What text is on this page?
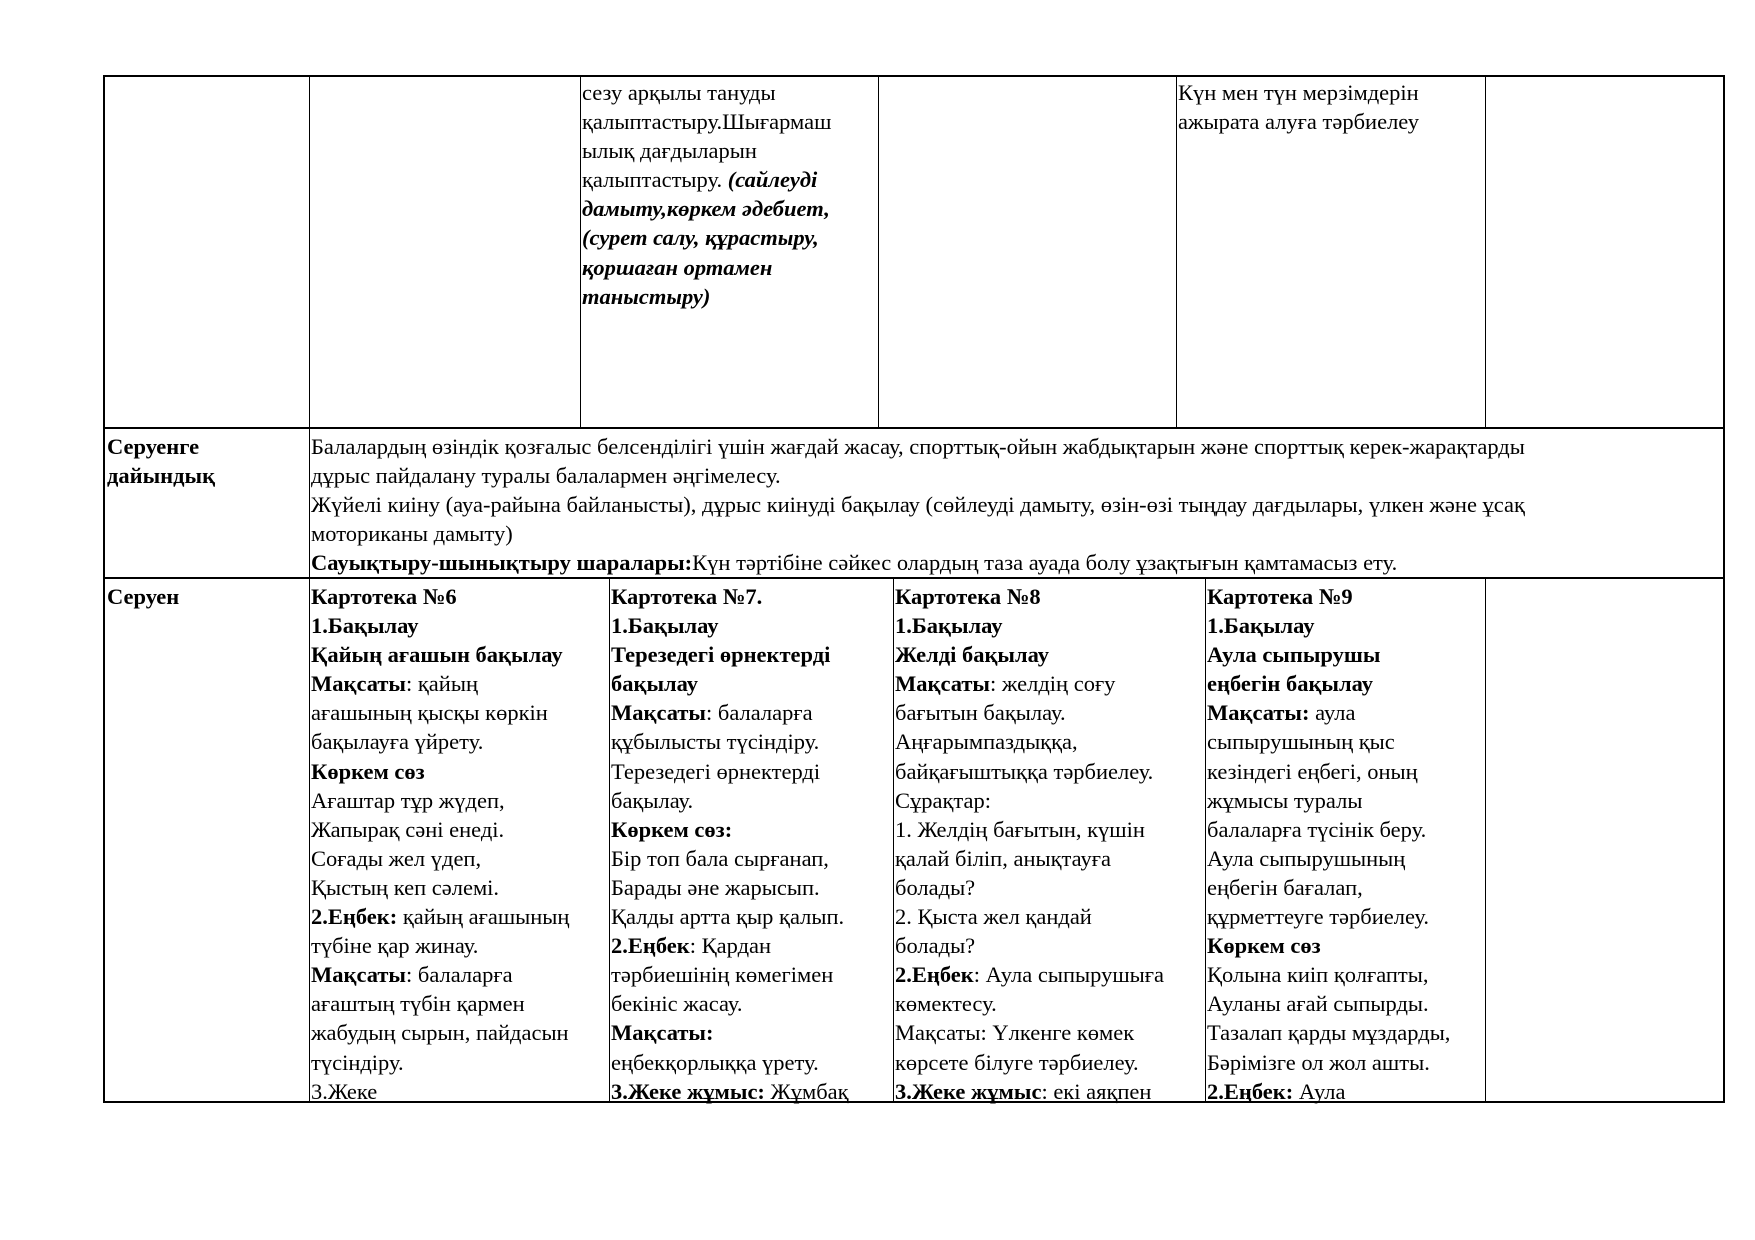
сезу арқылы тануды
қалыптастыру.Шығармаш
ылық дағдыларын
қалыптастыру. (сайлеуді
дамыту,көркем әдебиет,
(сурет салу, құрастыру,
қоршаған ортамен
таныстыру)
Күн мен түн мерзімдерін
ажырата алуға тәрбиелеу
Серуенге
дайындық
Балалардың өзіндік қозғалыс белсенділігі үшін жағдай жасау, спорттық-ойын жабдықтарын және спорттық керек-жарақтарды
дұрыс пайдалану туралы балалармен әңгімелесу.
Жүйелі киіну (ауа-райына байланысты), дұрыс киінуді бақылау (сөйлеуді дамыту, өзін-өзі тыңдау дағдылары, үлкен және ұсақ
моториканы дамыту)
Сауықтыру-шынықтыру шаралары:Күн тәртібіне сәйкес олардың таза ауада болу ұзақтығын қамтамасыз ету.
Серуен	Картотека №6
1.Бақылау
Қайың ағашын бақылау
Мақсаты: қайың
ағашының қысқы көркін
бақылауға үйрету.
Көркем сөз
Ағаштар тұр жүдеп,
Жапырақ сәні енеді.
Соғады жел үдеп,
Қыстың кеп сәлемі.
2.Еңбек: қайың ағашының
түбіне қар жинау.
Мақсаты: балаларға
ағаштың түбін қармен
жабудың сырын, пайдасын
түсіндіру.
3.Жеке
Картотека №7.
1.Бақылау
Терезедегі өрнектерді
бақылау
Мақсаты: балаларға
құбылысты түсіндіру.
Терезедегі өрнектерді
бақылау.
Көркем сөз:
Бір топ бала сырғанап,
Барады әне жарысып.
Қалды артта қыр қалып.
2.Еңбек: Қардан
тәрбиешінің көмегімен
бекініс жасау.
Мақсаты:
еңбекқорлыққа үрету.
3.Жеке жұмыс: Жұмбақ
Картотека №8
1.Бақылау
Желді бақылау
Мақсаты: желдің соғу
бағытын бақылау.
Аңғарымпаздыққа,
байқағыштыққа тәрбиелеу.
Сұрақтар:
1. Желдің бағытын, күшін
қалай біліп, анықтауға
болады?
2. Қыста жел қандай
болады?
2.Еңбек: Аула сыпырушыға
көмектесу.
Мақсаты: Үлкенге көмек
көрсете білуге тәрбиелеу.
3.Жеке жұмыс: екі аяқпен
Картотека №9
1.Бақылау
Аула сыпырушы
еңбегін бақылау
Мақсаты: аула
сыпырушының қыс
кезіндегі еңбегі, оның
жұмысы туралы
балаларға түсінік беру.
Аула сыпырушының
еңбегін бағалап,
құрметтеуге тәрбиелеу.
Көркем сөз
Қолына киіп қолғапты,
Ауланы ағай сыпырды.
Тазалап қарды мұздарды,
Бәрімізге ол жол ашты.
2.Еңбек: Аула
